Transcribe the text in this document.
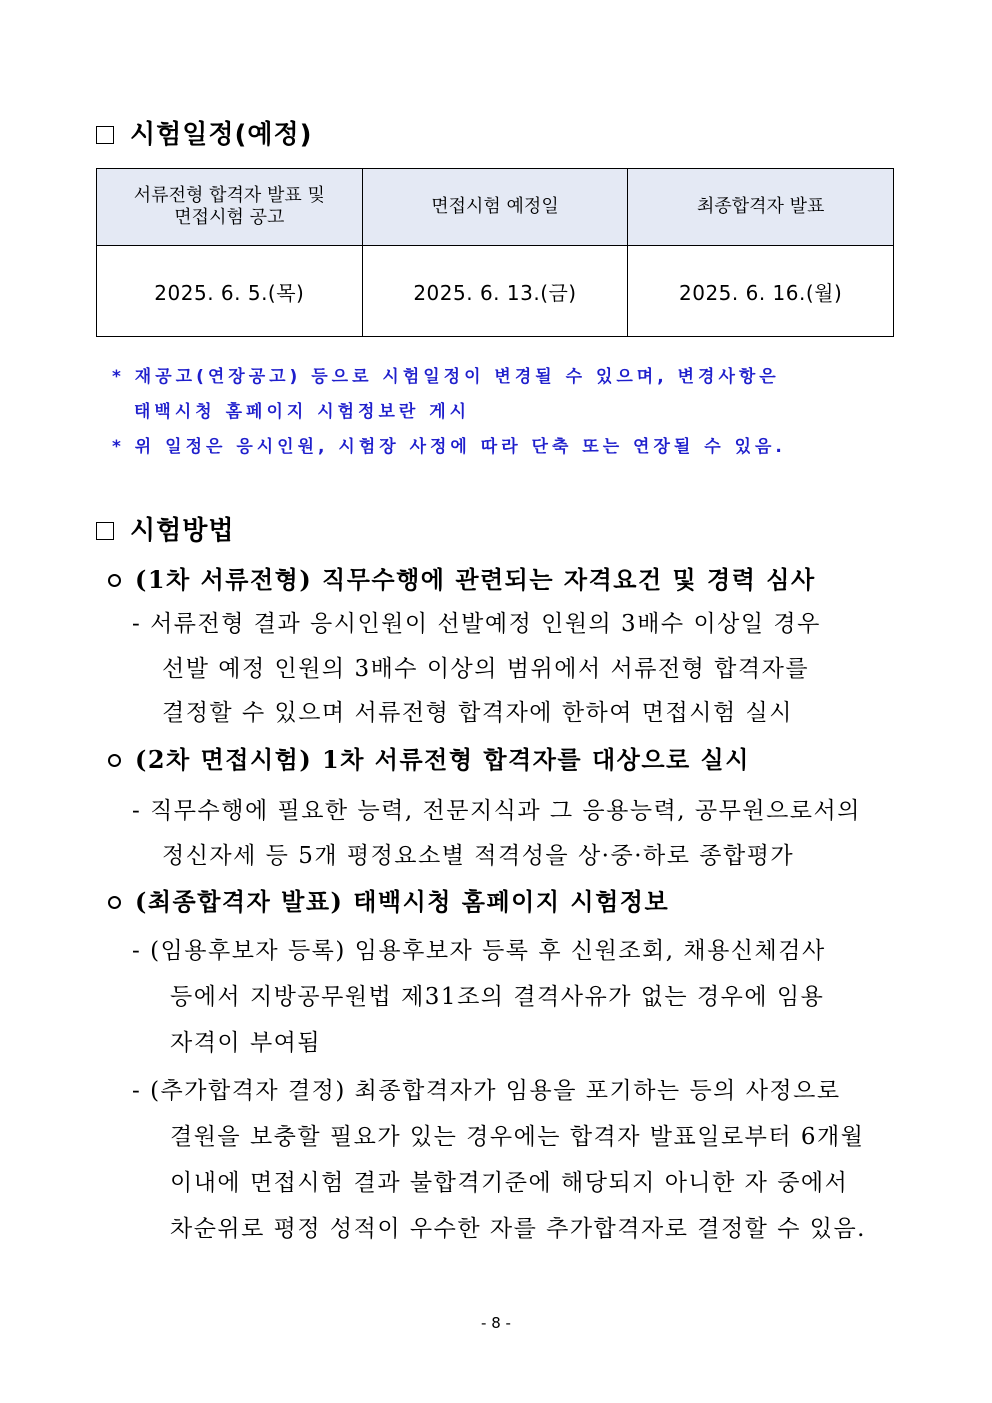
시험일정(예정)
서류전형 합격자 발표 및
면접시험 공고	면접시험 예정일	최종합격자 발표
2025. 6. 5.(목)	2025. 6. 13.(금)	2025. 6. 16.(월)
* 재공고(연장공고) 등으로 시험일정이 변경될 수 있으며, 변경사항은
태백시청 홈페이지 시험정보란 게시
* 위 일정은 응시인원, 시험장 사정에 따라 단축 또는 연장될 수 있음.
시험방법
(1차 서류전형) 직무수행에 관련되는 자격요건 및 경력 심사
- 서류전형 결과 응시인원이 선발예정 인원의 3배수 이상일 경우
선발 예정 인원의 3배수 이상의 범위에서 서류전형 합격자를
결정할 수 있으며 서류전형 합격자에 한하여 면접시험 실시
(2차 면접시험) 1차 서류전형 합격자를 대상으로 실시
- 직무수행에 필요한 능력, 전문지식과 그 응용능력, 공무원으로서의
정신자세 등 5개 평정요소별 적격성을 상·중·하로 종합평가
(최종합격자 발표) 태백시청 홈페이지 시험정보
- (임용후보자 등록) 임용후보자 등록 후 신원조회, 채용신체검사
등에서 지방공무원법 제31조의 결격사유가 없는 경우에 임용
자격이 부여됨
- (추가합격자 결정) 최종합격자가 임용을 포기하는 등의 사정으로
결원을 보충할 필요가 있는 경우에는 합격자 발표일로부터 6개월
이내에 면접시험 결과 불합격기준에 해당되지 아니한 자 중에서
차순위로 평정 성적이 우수한 자를 추가합격자로 결정할 수 있음.
- 8 -
